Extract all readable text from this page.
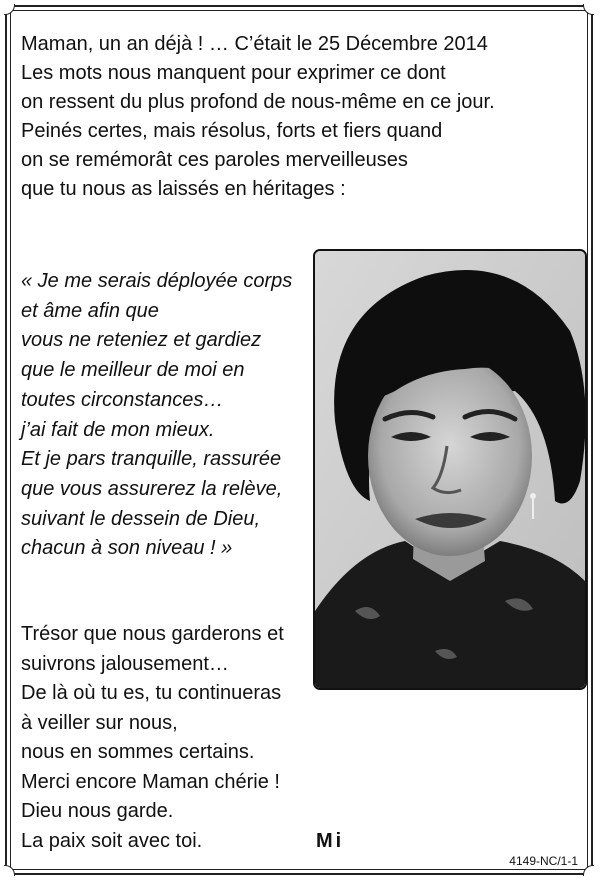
Maman, un an déjà ! … C’était le 25 Décembre 2014
Les mots nous manquent pour exprimer ce dont
on ressent du plus profond de nous-même en ce jour.
Peinés certes, mais résolus, forts et fiers quand
on se remémorât ces paroles merveilleuses
que tu nous as laissés en héritages :
« Je me serais déployée corps
et âme afin que
vous ne reteniez et gardiez
que le meilleur de moi en
toutes circonstances…
j’ai fait de mon mieux.
Et je pars tranquille, rassurée
que vous assurerez la relève,
suivant le dessein de Dieu,
chacun à son niveau ! »
Trésor que nous garderons et
suivrons jalousement…
De là où tu es, tu continueras
à veiller sur nous,
nous en sommes certains.
Merci encore Maman chérie !
Dieu nous garde.
La paix soit avec toi.	Mi
4149-NC/1-1
